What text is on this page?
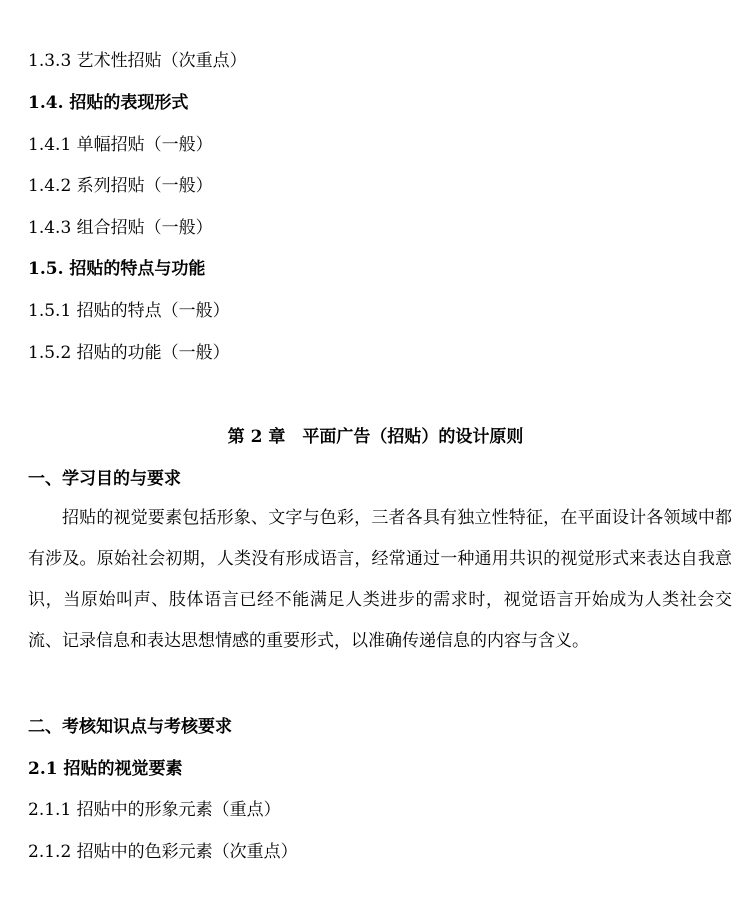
1.3.3 艺术性招贴（次重点）
1.4. 招贴的表现形式
1.4.1 单幅招贴（一般）
1.4.2 系列招贴（一般）
1.4.3 组合招贴（一般）
1.5. 招贴的特点与功能
1.5.1 招贴的特点（一般）
1.5.2 招贴的功能（一般）
第 2 章　平面广告（招贴）的设计原则
一、学习目的与要求
招贴的视觉要素包括形象、文字与色彩，三者各具有独立性特征，在平面设计各领域中都有涉及。原始社会初期，人类没有形成语言，经常通过一种通用共识的视觉形式来表达自我意识，当原始叫声、肢体语言已经不能满足人类进步的需求时，视觉语言开始成为人类社会交流、记录信息和表达思想情感的重要形式，以准确传递信息的内容与含义。
二、考核知识点与考核要求
2.1 招贴的视觉要素
2.1.1 招贴中的形象元素（重点）
2.1.2 招贴中的色彩元素（次重点）
